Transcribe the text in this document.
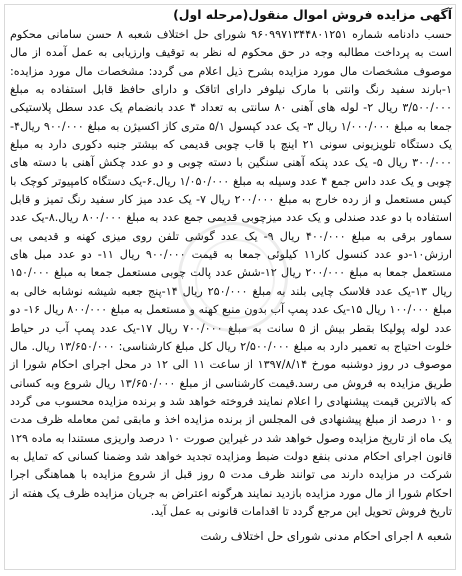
آگهی مزایده فروش اموال منقول(مرحله اول)

حسب دادنامه شماره ۹۶۰۹۹۷۱۳۴۴۸۰۱۲۵۱ شورای حل اختلاف شعبه ۸ حسن سامانی محکوم است به پرداخت مطالبه وجه در حق محکوم له نظر به توقیف وارزیابی به عمل آمده از مال موصوف مشخصات مال مورد مزایده بشرح ذیل اعلام می گردد: مشخصات مال مورد مزایده: ۱-بارند سفید رنگ وانتی با مارک نیلوفر دارای اتاقک و دارای حافظ قابل استفاده به مبلغ ۳/۵۰۰/۰۰۰ ریال ۲- لوله های آهنی ۸۰ سانتی به تعداد ۴ عدد بانضمام یک عدد سطل پلاستیکی جمعا به مبلغ ۱/۰۰۰/۰۰۰ ریال ۳- یک عدد کپسول ۵/۱ متری کاز اکسیژن به مبلغ ۹۰۰/۰۰۰ ریال۴- یک دستگاه تلویزیونی سونی ۲۱ اینچ با قاب چوبی قدیمی که بیشتر جنبه دکوری دارد به مبلغ ۳۰۰/۰۰۰ ریال ۵- یک عدد پنکه آهنی سنگین با دسته چوبی و دو عدد چکش آهنی با دسته های چوبی و یک عدد داس جمع ۴ عدد وسیله به مبلغ ۱/۰۵۰/۰۰۰ ریال.۶-یک دستگاه کامپیوتر کوچک با کیس مستعمل و از رده خارج به مبلغ ۲۰۰/۰۰۰ ریال ۷- یک عدد میز کار سفید رنگ تمیز و قابل استفاده با دو عدد صندلی و یک عدد میزچوبی قدیمی جمع عدد به مبلغ ۸۰۰/۰۰۰ ریال.۸-یک عدد سماور برقی به مبلغ ۴۰۰/۰۰۰ ریال ۹- یک عدد گوشی تلفن روی میزی کهنه و قدیمی بی ارزش۱۰-دو عدد کنسول کار۱۱ کیلوئی جمعا به قیمت ۹۰۰/۰۰۰ ریال ۱۱- دو عدد مبل های مستعمل جمعا به مبلغ ۲۰۰/۰۰۰ ریال ۱۲-شش عدد پالت چوبی مستعمل جمعا به مبلغ ۱۵۰/۰۰۰ ریال ۱۳-یک عدد فلاسک چایی بلند به مبلغ ۲۵۰/۰۰۰ ریال ۱۴-پنج جعبه شیشه نوشابه خالی به مبلغ ۱۰۰/۰۰۰ ریال ۱۵-یک عدد پمپ آب بدون منبع کهنه و مستعمل به مبلغ ۸۰۰/۰۰۰ ریال ۱۶- دو عدد لوله پولیکا بقطر بیش از ۵ سانت به مبلغ ۷۰۰/۰۰۰ ریال ۱۷-یک عدد پمپ آب در حیاط خلوت احتیاج به تعمیر دارد به مبلغ ۲/۵۰۰/۰۰۰ ریال کل مبلغ کارشناسی: ۱۳/۶۵۰/۰۰۰ ریال. مال موصوف در روز دوشنبه مورخ ۱۳۹۷/۸/۱۴ از ساعت ۱۱ الی ۱۲ در محل اجرای احکام شورا از طریق مزایده به فروش می رسد.قیمت کارشناسی از مبلغ ۱۳/۶۵۰/۰۰۰ ریال شروع وبه کسانی که بالاترین قیمت پیشنهادی را اعلام نمایند فروخته خواهد شد و برنده مزایده محسوب می گردد و ۱۰ درصد از مبلغ پیشنهادی فی المجلس از برنده مزایده اخذ و مابقی ثمن معامله ظرف مدت یک ماه از تاریخ مزایده وصول خواهد شد در غیراین صورت ۱۰ درصد واریزی مستندا به ماده ۱۲۹ قانون اجرای احکام مدنی بنفع دولت ضبط ومزایده تجدید خواهد شد وضمنا کسانی که تمایل به شرکت در مزایده دارند می توانند ظرف مدت ۵ روز قبل از شروع مزایده با هماهنگی اجرا احکام شورا از مال مورد مزایده بازدید نمایند هرگونه اعتراض به جریان مزایده ظرف یک هفته از تاریخ فروش تحویل این مرجع گردد تا اقدامات قانونی به عمل آید.

شعبه ۸ اجرای احکام مدنی شورای حل اختلاف رشت
